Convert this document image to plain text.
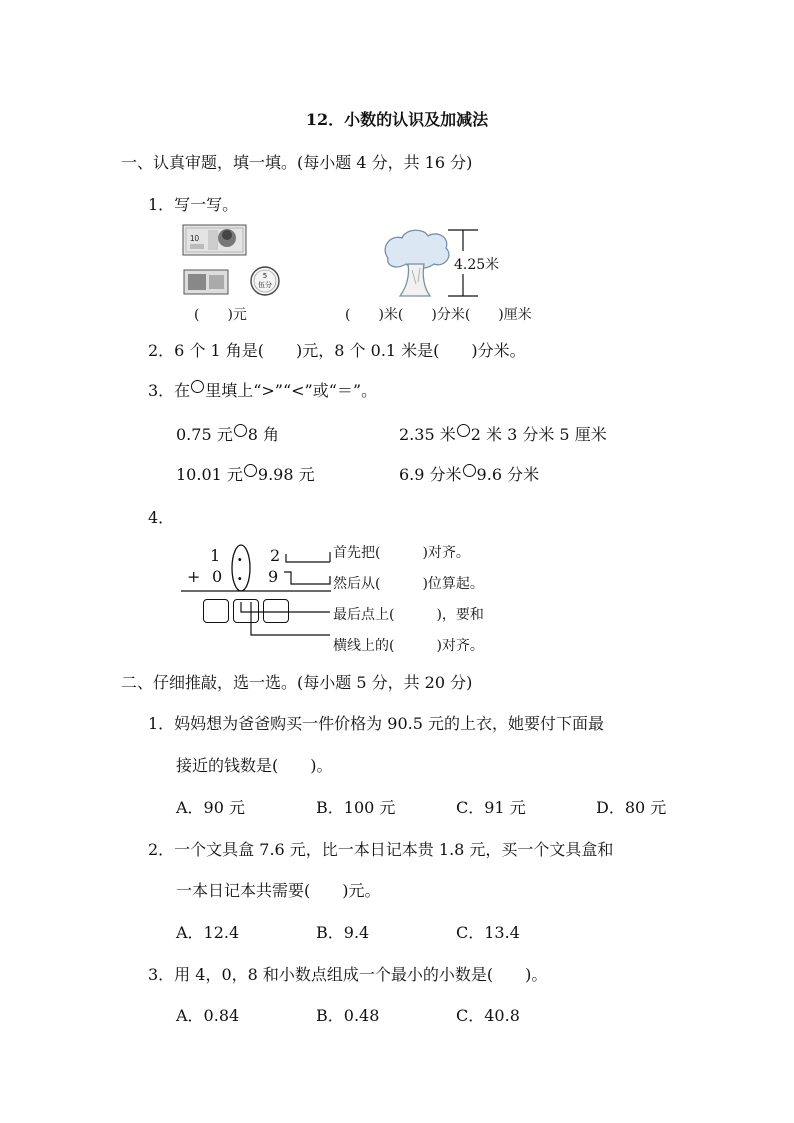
12．小数的认识及加减法
一、认真审题，填一填。(每小题 4 分，共 16 分)
1．写一写。
10
5
伍分
4.25米
(　　)元	(　　)米(　　)分米(　　)厘米
2．6 个 1 角是(　　)元，8 个 0.1 米是(　　)分米。
3．在 里填上“>”“<”或“＝”。
0.75 元 8 角	2.35 米 2 米 3 分米 5 厘米
10.01 元 9.98 元	6.9 分米 9.6 分米
4．
1	2
+ 0	9
.
.
首先把(　　　)对齐。
然后从(　　　)位算起。
最后点上(　　　)，要和
横线上的(　　　)对齐。
二、仔细推敲，选一选。(每小题 5 分，共 20 分)
1．妈妈想为爸爸购买一件价格为 90.5 元的上衣，她要付下面最
接近的钱数是(　　)。
A．90 元	B．100 元	C．91 元	D．80 元
2．一个文具盒 7.6 元，比一本日记本贵 1.8 元，买一个文具盒和
一本日记本共需要(　　)元。
A．12.4	B．9.4	C．13.4
3．用 4，0，8 和小数点组成一个最小的小数是(　　)。
A．0.84	B．0.48	C．40.8
